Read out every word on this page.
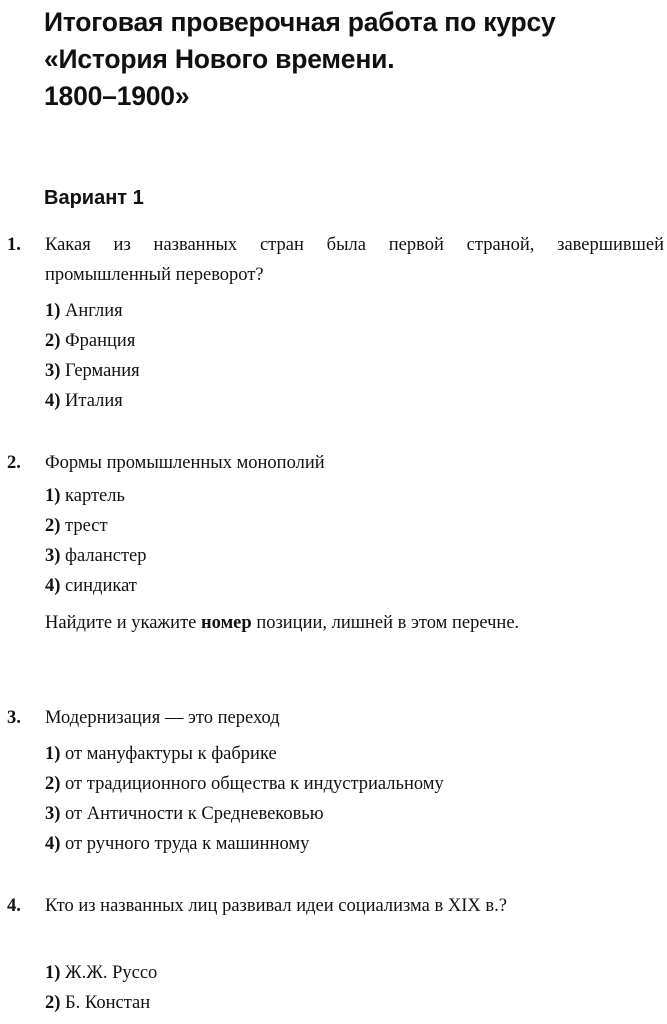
Итоговая проверочная работа по курсу
«История Нового времени.
1800–1900»
Вариант 1
1. Какая из названных стран была первой страной, завершившей промышленный переворот?
1) Англия
2) Франция
3) Германия
4) Италия
2. Формы промышленных монополий
1) картель
2) трест
3) фаланстер
4) синдикат
Найдите и укажите номер позиции, лишней в этом перечне.
3. Модернизация — это переход
1) от мануфактуры к фабрике
2) от традиционного общества к индустриальному
3) от Античности к Средневековью
4) от ручного труда к машинному
4. Кто из названных лиц развивал идеи социализма в XIX в.?
1) Ж.Ж. Руссо
2) Б. Констан
